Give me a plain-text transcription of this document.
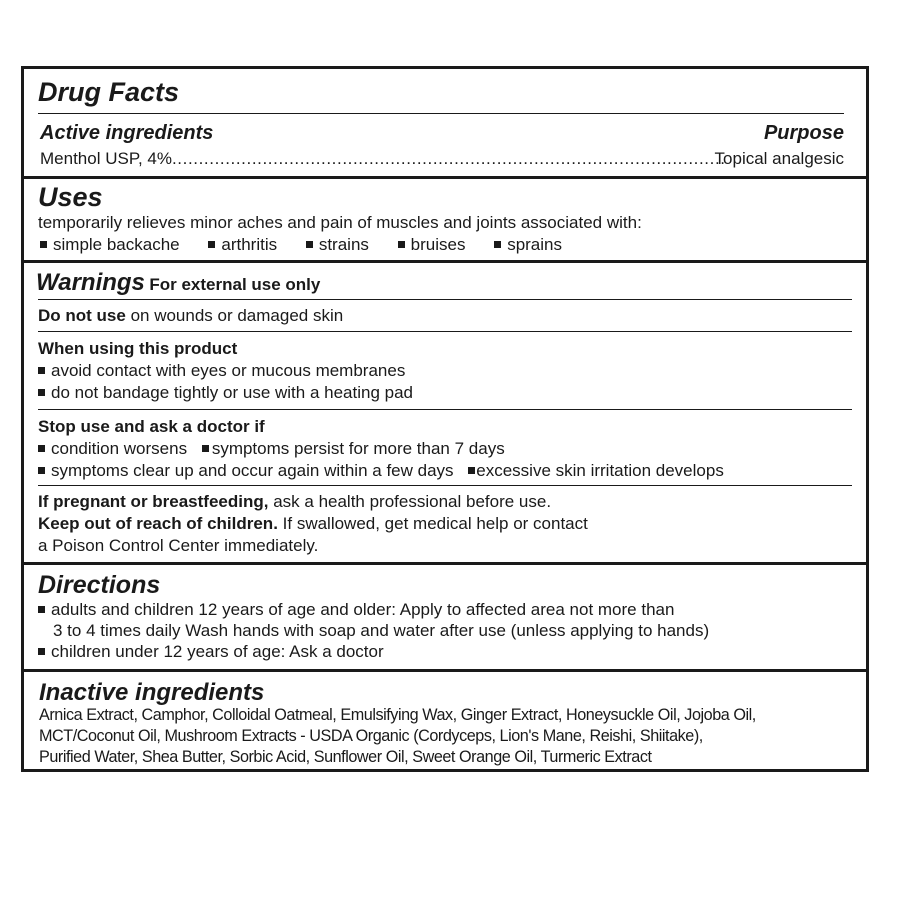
Drug Facts
Active ingredients	Purpose
Menthol USP, 4%........................................................................................................
Topical analgesic
Uses
temporarily relieves minor aches and pain of muscles and joints associated with:
simple backache arthritis strains bruises sprains
Warnings For external use only
Do not use on wounds or damaged skin
When using this product
avoid contact with eyes or mucous membranes
do not bandage tightly or use with a heating pad
Stop use and ask a doctor if
condition worsens symptoms persist for more than 7 days
symptoms clear up and occur again within a few days excessive skin irritation develops
If pregnant or breastfeeding, ask a health professional before use.
Keep out of reach of children. If swallowed, get medical help or contact
a Poison Control Center immediately.
Directions
adults and children 12 years of age and older: Apply to affected area not more than
3 to 4 times daily Wash hands with soap and water after use (unless applying to hands)
children under 12 years of age: Ask a doctor
Inactive ingredients
Arnica Extract, Camphor, Colloidal Oatmeal, Emulsifying Wax, Ginger Extract, Honeysuckle Oil, Jojoba Oil,
MCT/Coconut Oil, Mushroom Extracts - USDA Organic (Cordyceps, Lion's Mane, Reishi, Shiitake),
Purified Water, Shea Butter, Sorbic Acid, Sunflower Oil, Sweet Orange Oil, Turmeric Extract
